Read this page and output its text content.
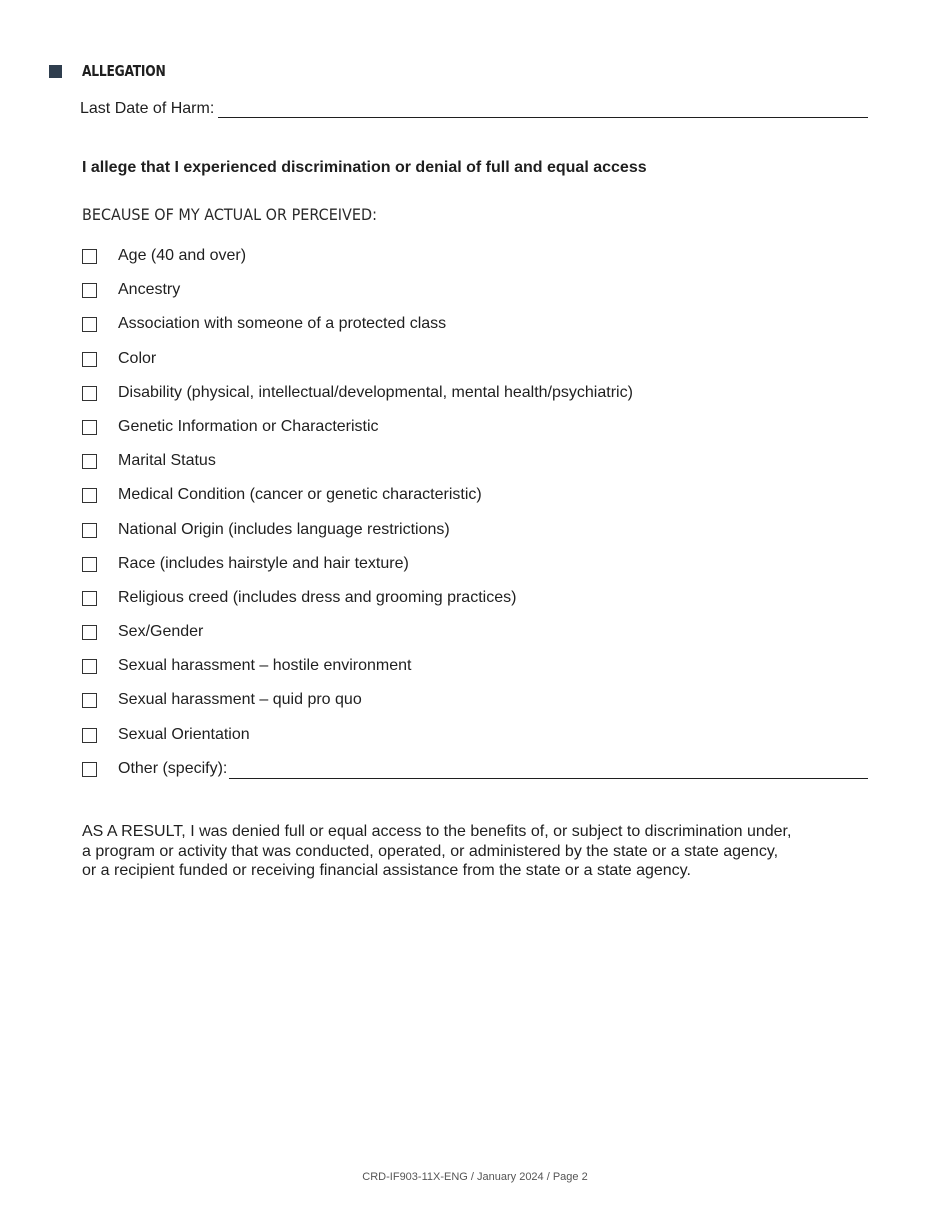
ALLEGATION
Last Date of Harm:
I allege that I experienced discrimination or denial of full and equal access
BECAUSE OF MY ACTUAL OR PERCEIVED:
Age (40 and over)
Ancestry
Association with someone of a protected class
Color
Disability (physical, intellectual/developmental, mental health/psychiatric)
Genetic Information or Characteristic
Marital Status
Medical Condition (cancer or genetic characteristic)
National Origin (includes language restrictions)
Race (includes hairstyle and hair texture)
Religious creed (includes dress and grooming practices)
Sex/Gender
Sexual harassment – hostile environment
Sexual harassment – quid pro quo
Sexual Orientation
Other (specify):

AS A RESULT, I was denied full or equal access to the benefits of, or subject to discrimination under,

a program or activity that was conducted, operated, or administered by the state or a state agency,

or a recipient funded or receiving financial assistance from the state or a state agency.

CRD-IF903-11X-ENG / January 2024 / Page 2
